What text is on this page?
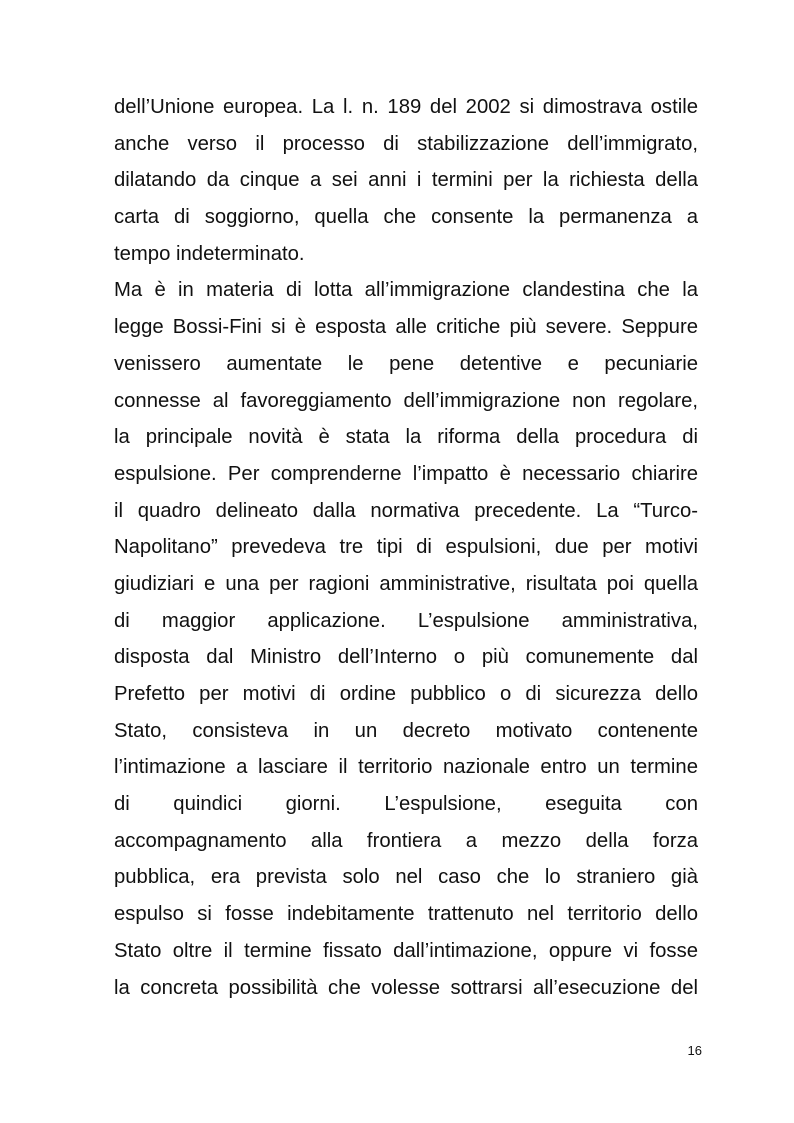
dell’Unione europea. La l. n. 189 del 2002 si dimostrava ostile
anche verso il processo di stabilizzazione dell’immigrato,
dilatando da cinque a sei anni i termini per la richiesta della
carta di soggiorno, quella che consente la permanenza a
tempo indeterminato.
Ma è in materia di lotta all’immigrazione clandestina che la
legge Bossi-Fini si è esposta alle critiche più severe. Seppure
venissero aumentate le pene detentive e pecuniarie
connesse al favoreggiamento dell’immigrazione non regolare,
la principale novità è stata la riforma della procedura di
espulsione. Per comprenderne l’impatto è necessario chiarire
il quadro delineato dalla normativa precedente. La “Turco-
Napolitano” prevedeva tre tipi di espulsioni, due per motivi
giudiziari e una per ragioni amministrative, risultata poi quella
di maggior applicazione. L’espulsione amministrativa,
disposta dal Ministro dell’Interno o più comunemente dal
Prefetto per motivi di ordine pubblico o di sicurezza dello
Stato, consisteva in un decreto motivato contenente
l’intimazione a lasciare il territorio nazionale entro un termine
di quindici giorni. L’espulsione, eseguita con
accompagnamento alla frontiera a mezzo della forza
pubblica, era prevista solo nel caso che lo straniero già
espulso si fosse indebitamente trattenuto nel territorio dello
Stato oltre il termine fissato dall’intimazione, oppure vi fosse
la concreta possibilità che volesse sottrarsi all’esecuzione del
16
